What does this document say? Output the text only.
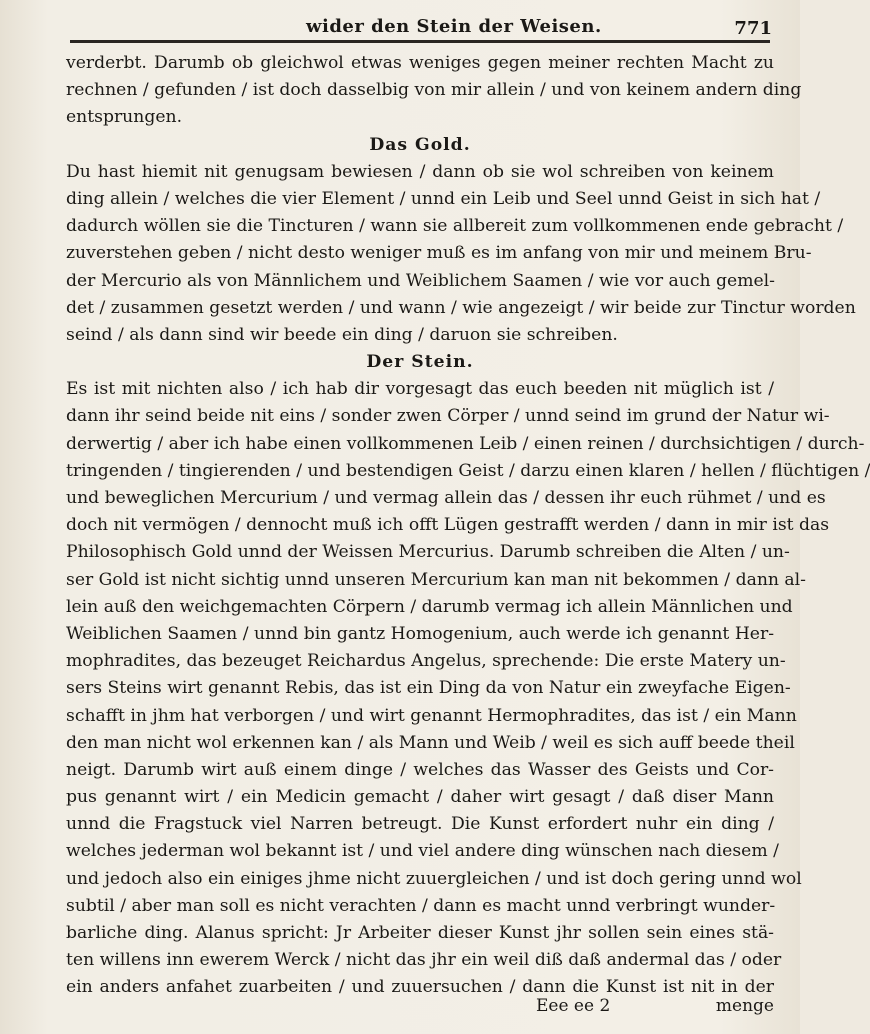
wider den Stein der Weisen.	771
verderbt. Darumb ob gleichwol etwas weniges gegen meiner rechten Macht zu
rechnen / gefunden / ist doch dasselbig von mir allein / und von keinem andern ding
entsprungen.
Das Gold.
Du hast hiemit nit genugsam bewiesen / dann ob sie wol schreiben von keinem
ding allein / welches die vier Element / unnd ein Leib und Seel unnd Geist in sich hat /
dadurch wöllen sie die Tincturen / wann sie allbereit zum vollkommenen ende gebracht /
zuverstehen geben / nicht desto weniger muß es im anfang von mir und meinem Bru-
der Mercurio als von Männlichem und Weiblichem Saamen / wie vor auch gemel-
det / zusammen gesetzt werden / und wann / wie angezeigt / wir beide zur Tinctur worden
seind / als dann sind wir beede ein ding / daruon sie schreiben.
Der Stein.
Es ist mit nichten also / ich hab dir vorgesagt das euch beeden nit müglich ist /
dann ihr seind beide nit eins / sonder zwen Cörper / unnd seind im grund der Natur wi-
derwertig / aber ich habe einen vollkommenen Leib / einen reinen / durchsichtigen / durch-
tringenden / tingierenden / und bestendigen Geist / darzu einen klaren / hellen / flüchtigen /
und beweglichen Mercurium / und vermag allein das / dessen ihr euch rühmet / und es
doch nit vermögen / dennocht muß ich offt Lügen gestrafft werden / dann in mir ist das
Philosophisch Gold unnd der Weissen Mercurius. Darumb schreiben die Alten / un-
ser Gold ist nicht sichtig unnd unseren Mercurium kan man nit bekommen / dann al-
lein auß den weichgemachten Cörpern / darumb vermag ich allein Männlichen und
Weiblichen Saamen / unnd bin gantz Homogenium, auch werde ich genannt Her-
mophradites, das bezeuget Reichardus Angelus, sprechende: Die erste Matery un-
sers Steins wirt genannt Rebis, das ist ein Ding da von Natur ein zweyfache Eigen-
schafft in jhm hat verborgen / und wirt genannt Hermophradites, das ist / ein Mann
den man nicht wol erkennen kan / als Mann und Weib / weil es sich auff beede theil
neigt. Darumb wirt auß einem dinge / welches das Wasser des Geists und Cor-
pus genannt wirt / ein Medicin gemacht / daher wirt gesagt / daß diser Mann
unnd die Fragstuck viel Narren betreugt. Die Kunst erfordert nuhr ein ding /
welches jederman wol bekannt ist / und viel andere ding wünschen nach diesem /
und jedoch also ein einiges jhme nicht zuuergleichen / und ist doch gering unnd wol
subtil / aber man soll es nicht verachten / dann es macht unnd verbringt wunder-
barliche ding. Alanus spricht: Jr Arbeiter dieser Kunst jhr sollen sein eines stä-
ten willens inn ewerem Werck / nicht das jhr ein weil diß daß andermal das / oder
ein anders anfahet zuarbeiten / und zuuersuchen / dann die Kunst ist nit in der
Eee ee 2	menge
